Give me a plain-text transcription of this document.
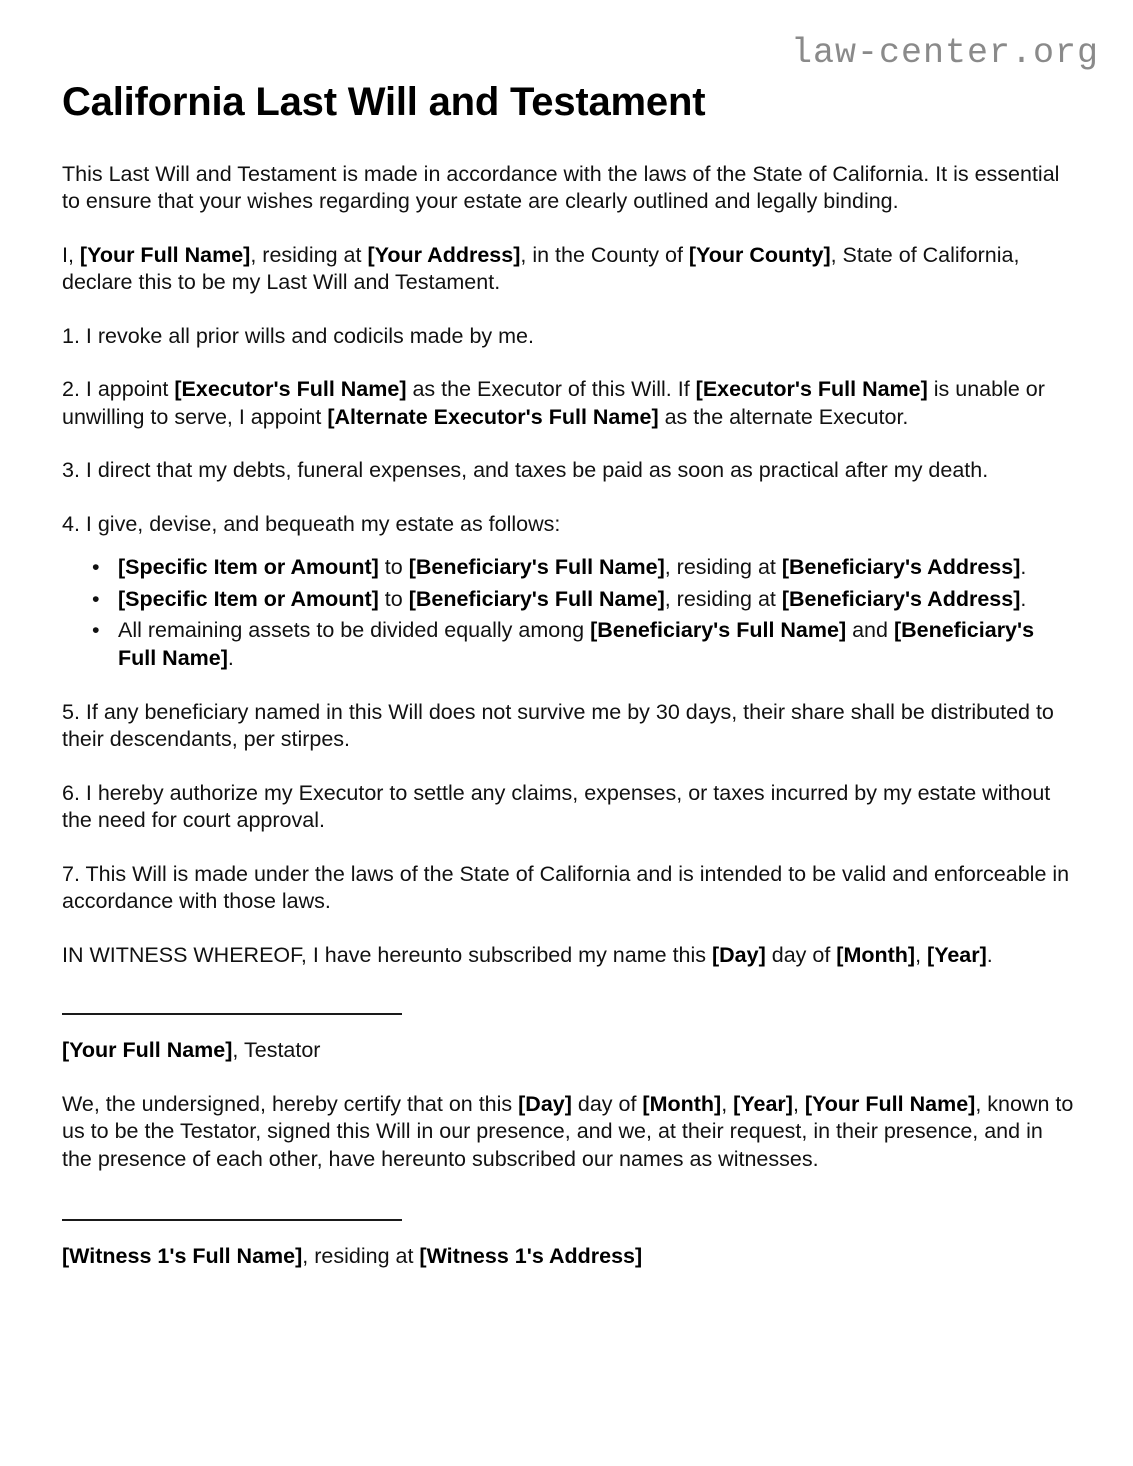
law-center.org
California Last Will and Testament

This Last Will and Testament is made in accordance with the laws of the State of California. It is essential to ensure that your wishes regarding your estate are clearly outlined and legally binding.

I, [Your Full Name], residing at [Your Address], in the County of [Your County], State of California, declare this to be my Last Will and Testament.

1. I revoke all prior wills and codicils made by me.

2. I appoint [Executor's Full Name] as the Executor of this Will. If [Executor's Full Name] is unable or unwilling to serve, I appoint [Alternate Executor's Full Name] as the alternate Executor.

3. I direct that my debts, funeral expenses, and taxes be paid as soon as practical after my death.

4. I give, devise, and bequeath my estate as follows:

• [Specific Item or Amount] to [Beneficiary's Full Name], residing at [Beneficiary's Address].
• [Specific Item or Amount] to [Beneficiary's Full Name], residing at [Beneficiary's Address].
• All remaining assets to be divided equally among [Beneficiary's Full Name] and [Beneficiary's Full Name].

5. If any beneficiary named in this Will does not survive me by 30 days, their share shall be distributed to their descendants, per stirpes.

6. I hereby authorize my Executor to settle any claims, expenses, or taxes incurred by my estate without the need for court approval.

7. This Will is made under the laws of the State of California and is intended to be valid and enforceable in accordance with those laws.

IN WITNESS WHEREOF, I have hereunto subscribed my name this [Day] day of [Month], [Year].

[Your Full Name], Testator

We, the undersigned, hereby certify that on this [Day] day of [Month], [Year], [Your Full Name], known to us to be the Testator, signed this Will in our presence, and we, at their request, in their presence, and in the presence of each other, have hereunto subscribed our names as witnesses.

[Witness 1's Full Name], residing at [Witness 1's Address]
